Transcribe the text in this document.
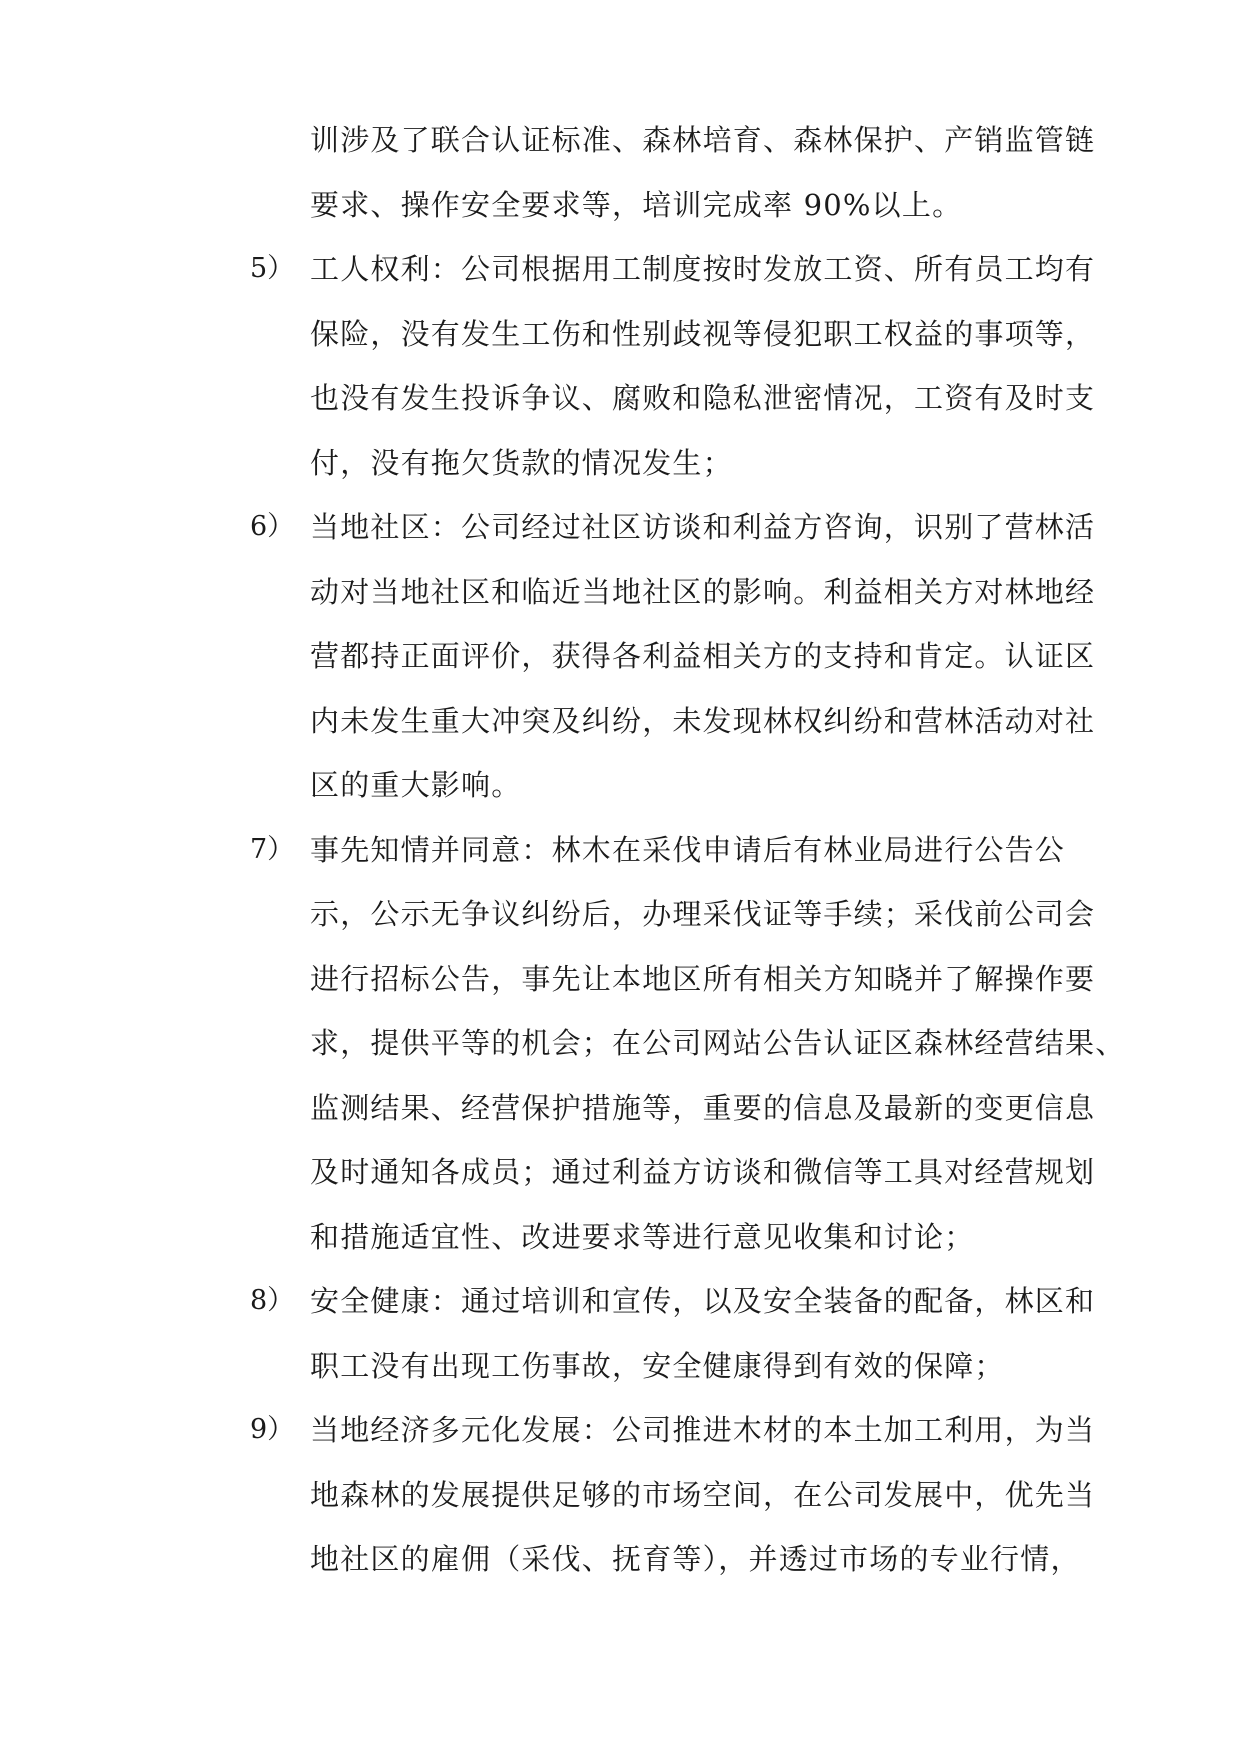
训涉及了联合认证标准、森林培育、森林保护、产销监管链
要求、操作安全要求等，培训完成率 90%以上。
5） 工人权利：公司根据用工制度按时发放工资、所有员工均有
保险，没有发生工伤和性别歧视等侵犯职工权益的事项等，
也没有发生投诉争议、腐败和隐私泄密情况，工资有及时支
付，没有拖欠货款的情况发生；
6） 当地社区：公司经过社区访谈和利益方咨询，识别了营林活
动对当地社区和临近当地社区的影响。利益相关方对林地经
营都持正面评价，获得各利益相关方的支持和肯定。认证区
内未发生重大冲突及纠纷，未发现林权纠纷和营林活动对社
区的重大影响。
7） 事先知情并同意：林木在采伐申请后有林业局进行公告公
示，公示无争议纠纷后，办理采伐证等手续；采伐前公司会
进行招标公告，事先让本地区所有相关方知晓并了解操作要
求，提供平等的机会；在公司网站公告认证区森林经营结果、
监测结果、经营保护措施等，重要的信息及最新的变更信息
及时通知各成员；通过利益方访谈和微信等工具对经营规划
和措施适宜性、改进要求等进行意见收集和讨论；
8） 安全健康：通过培训和宣传，以及安全装备的配备，林区和
职工没有出现工伤事故，安全健康得到有效的保障；
9） 当地经济多元化发展：公司推进木材的本土加工利用，为当
地森林的发展提供足够的市场空间，在公司发展中，优先当
地社区的雇佣（采伐、抚育等），并透过市场的专业行情，
